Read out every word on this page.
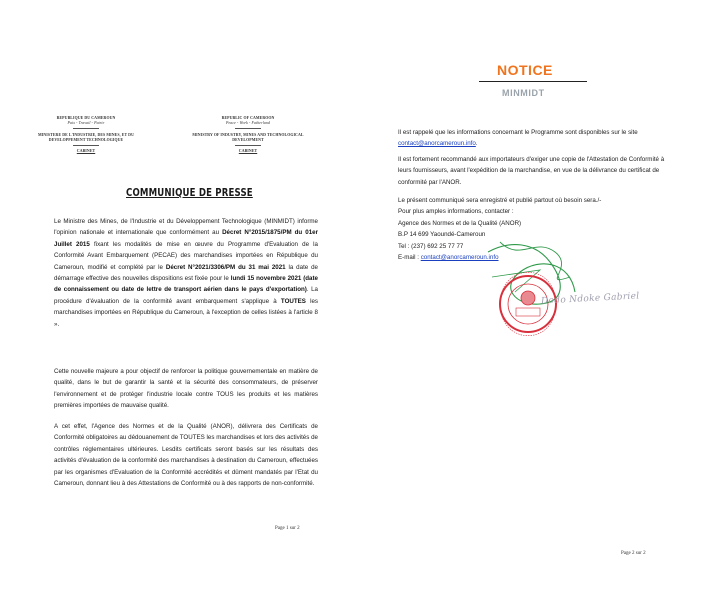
REPUBLIQUE DU CAMEROUN
Paix - Travail - Patrie
MINISTERE DE L'INDUSTRIE, DES MINES, ET DU DEVELOPPEMENT TECHNOLOGIQUE
CABINET
REPUBLIC OF CAMEROON
Peace - Work - Fatherland
MINISTRY OF INDUSTRY, MINES AND TECHNOLOGICAL DEVELOPMENT
CABINET
COMMUNIQUE DE PRESSE
Le Ministre des Mines, de l'Industrie et du Développement Technologique (MINMIDT) informe l'opinion nationale et internationale que conformément au Décret N°2015/1875/PM du 01er Juillet 2015 fixant les modalités de mise en œuvre du Programme d'Evaluation de la Conformité Avant Embarquement (PECAE) des marchandises importées en République du Cameroun, modifié et complété par le Décret N°2021/3306/PM du 31 mai 2021 la date de démarrage effective des nouvelles dispositions est fixée pour le lundi 15 novembre 2021 (date de connaissement ou date de lettre de transport aérien dans le pays d'exportation). La procédure d'évaluation de la conformité avant embarquement s'applique à TOUTES les marchandises importées en République du Cameroun, à l'exception de celles listées à l'article 8 ».
Cette nouvelle majeure a pour objectif de renforcer la politique gouvernementale en matière de qualité, dans le but de garantir la santé et la sécurité des consommateurs, de préserver l'environnement et de protéger l'industrie locale contre TOUS les produits et les matières premières importées de mauvaise qualité.
A cet effet, l'Agence des Normes et de la Qualité (ANOR), délivrera des Certificats de Conformité obligatoires au dédouanement de TOUTES les marchandises et lors des activités de contrôles réglementaires ultérieures. Lesdits certificats seront basés sur les résultats des activités d'évaluation de la conformité des marchandises à destination du Cameroun, effectuées par les organismes d'Evaluation de la Conformité accrédités et dûment mandatés par l'Etat du Cameroun, donnant lieu à des Attestations de Conformité ou à des rapports de non-conformité.
Page 1 sur 2
NOTICE
MINMIDT
Il est rappelé que les informations concernant le Programme sont disponibles sur le site contact@anorcameroun.info.
Il est fortement recommandé aux importateurs d'exiger une copie de l'Attestation de Conformité à leurs fournisseurs, avant l'expédition de la marchandise, en vue de la délivrance du certificat de conformité par l'ANOR.
Le présent communiqué sera enregistré et publié partout où besoin sera./-
Pour plus amples informations, contacter :
Agence des Normes et de la Qualité (ANOR)
B.P 14 699 Yaoundé-Cameroun
Tel : (237) 692 25 77 77
E-mail : contact@anorcameroun.info
Dodo Ndoke Gabriel
Page 2 sur 2
